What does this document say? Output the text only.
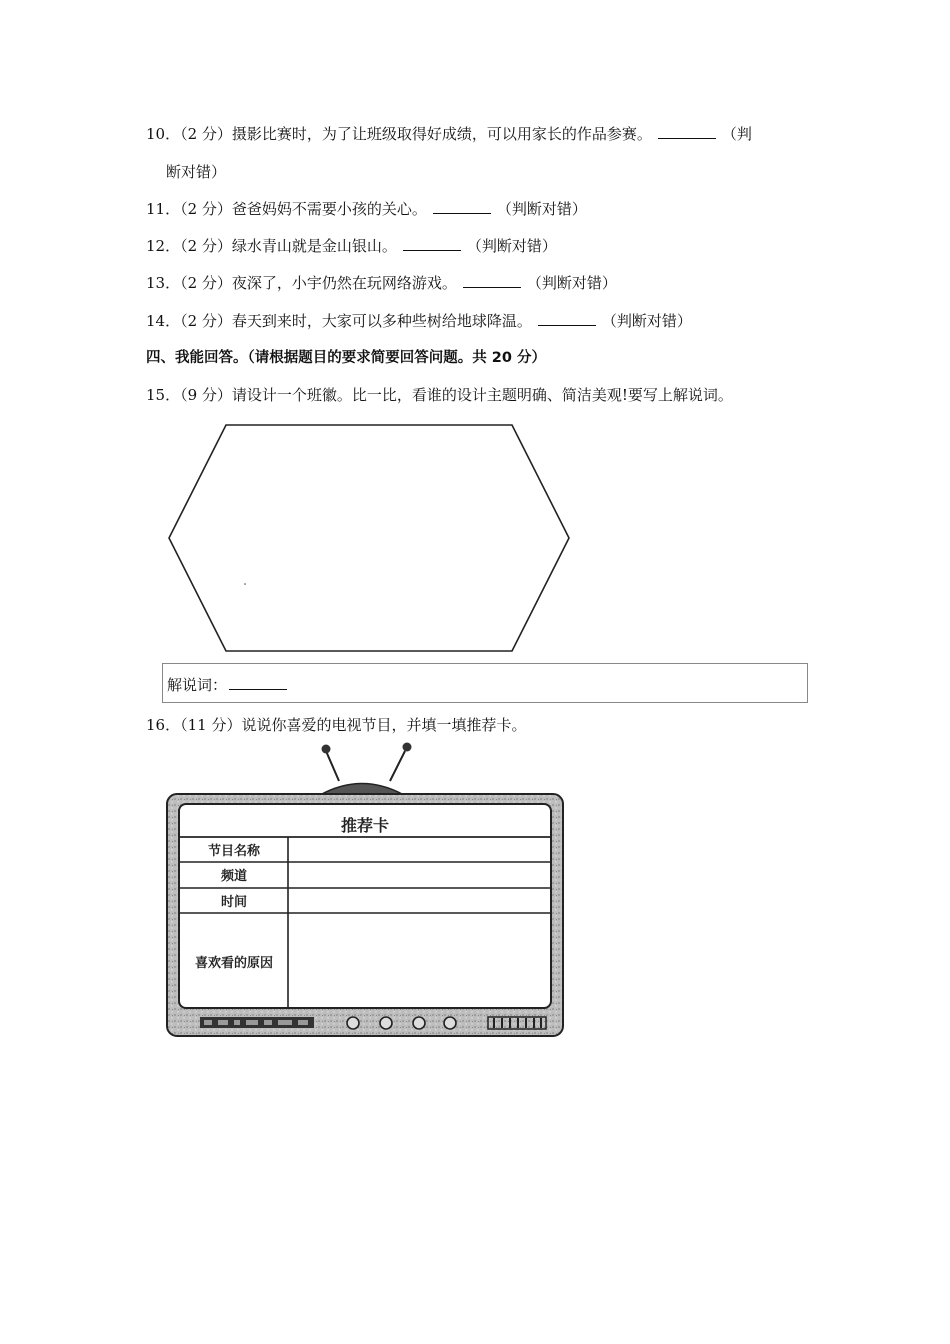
10．（2 分）摄影比赛时，为了让班级取得好成绩，可以用家长的作品参赛。	（判
断对错）
11．（2 分）爸爸妈妈不需要小孩的关心。	（判断对错）
12．（2 分）绿水青山就是金山银山。	（判断对错）
13．（2 分）夜深了，小宇仍然在玩网络游戏。	（判断对错）
14．（2 分）春天到来时，大家可以多种些树给地球降温。	（判断对错）
四、我能回答。（请根据题目的要求简要回答问题。共 20 分）
15．（9 分）请设计一个班徽。比一比，看谁的设计主题明确、简洁美观!要写上解说词。
解说词：
16．（11 分）说说你喜爱的电视节目，并填一填推荐卡。
推荐卡
节目名称
频道
时间
喜欢看的原因
